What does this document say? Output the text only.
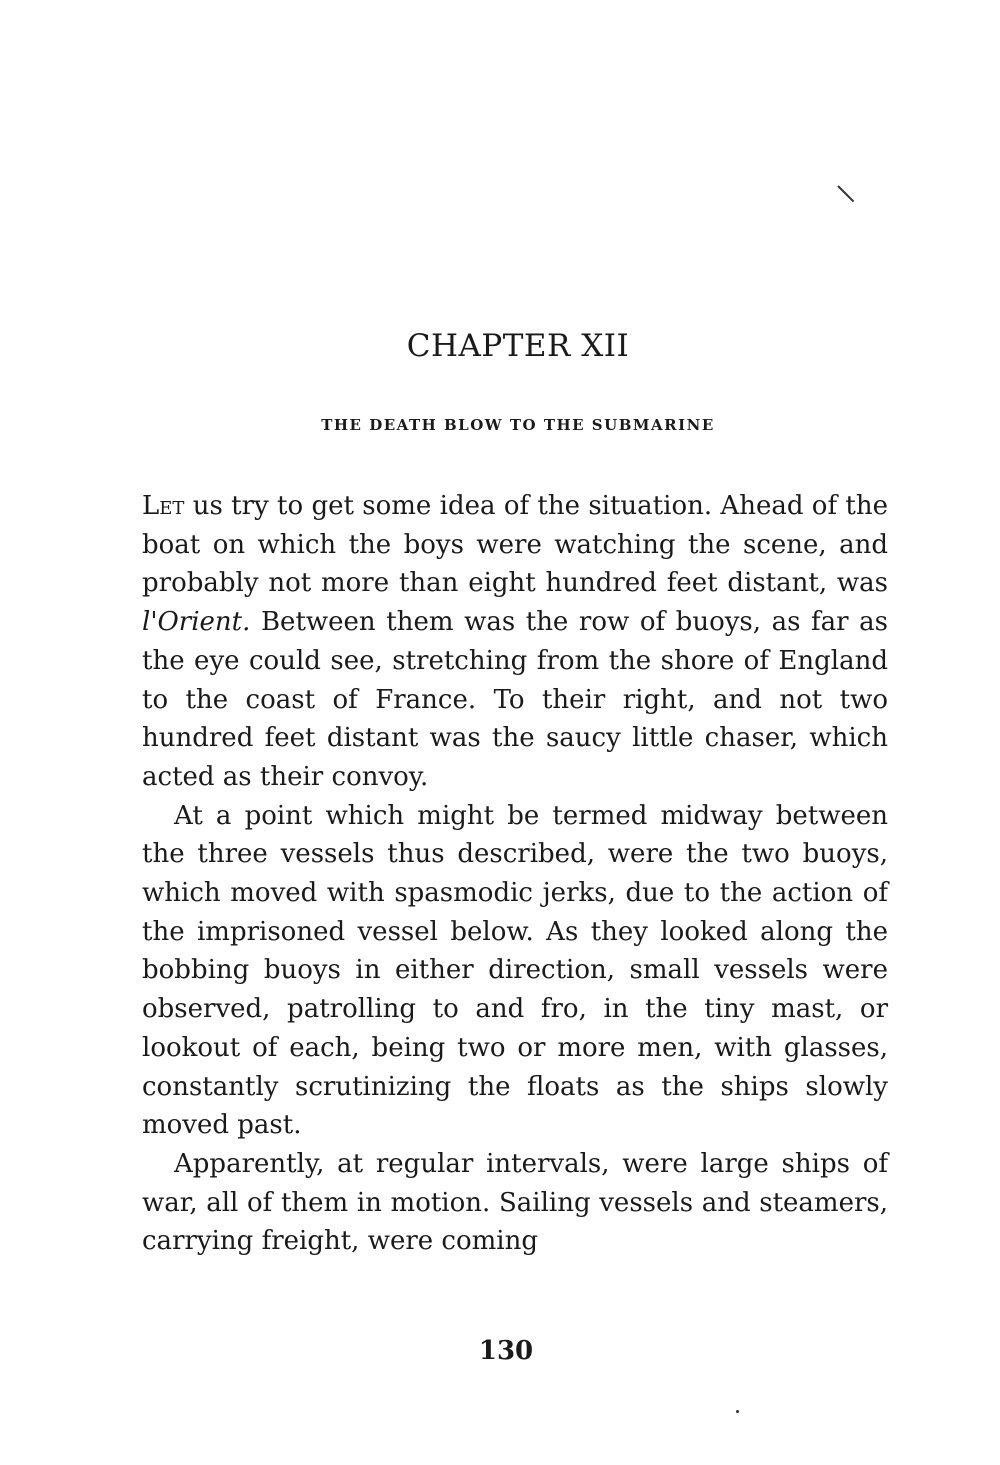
CHAPTER XII
THE DEATH BLOW TO THE SUBMARINE

Let us try to get some idea of the situation. Ahead of the boat on which the boys were watching the scene, and probably not more than eight hundred feet distant, was l'Orient. Between them was the row of buoys, as far as the eye could see, stretching from the shore of England to the coast of France. To their right, and not two hundred feet distant was the saucy little chaser, which acted as their convoy.

At a point which might be termed midway between the three vessels thus described, were the two buoys, which moved with spasmodic jerks, due to the action of the imprisoned vessel below. As they looked along the bobbing buoys in either direction, small vessels were observed, patrolling to and fro, in the tiny mast, or lookout of each, being two or more men, with glasses, constantly scrutinizing the floats as the ships slowly moved past.

Apparently, at regular intervals, were large ships of war, all of them in motion. Sailing vessels and steamers, carrying freight, were coming

130
